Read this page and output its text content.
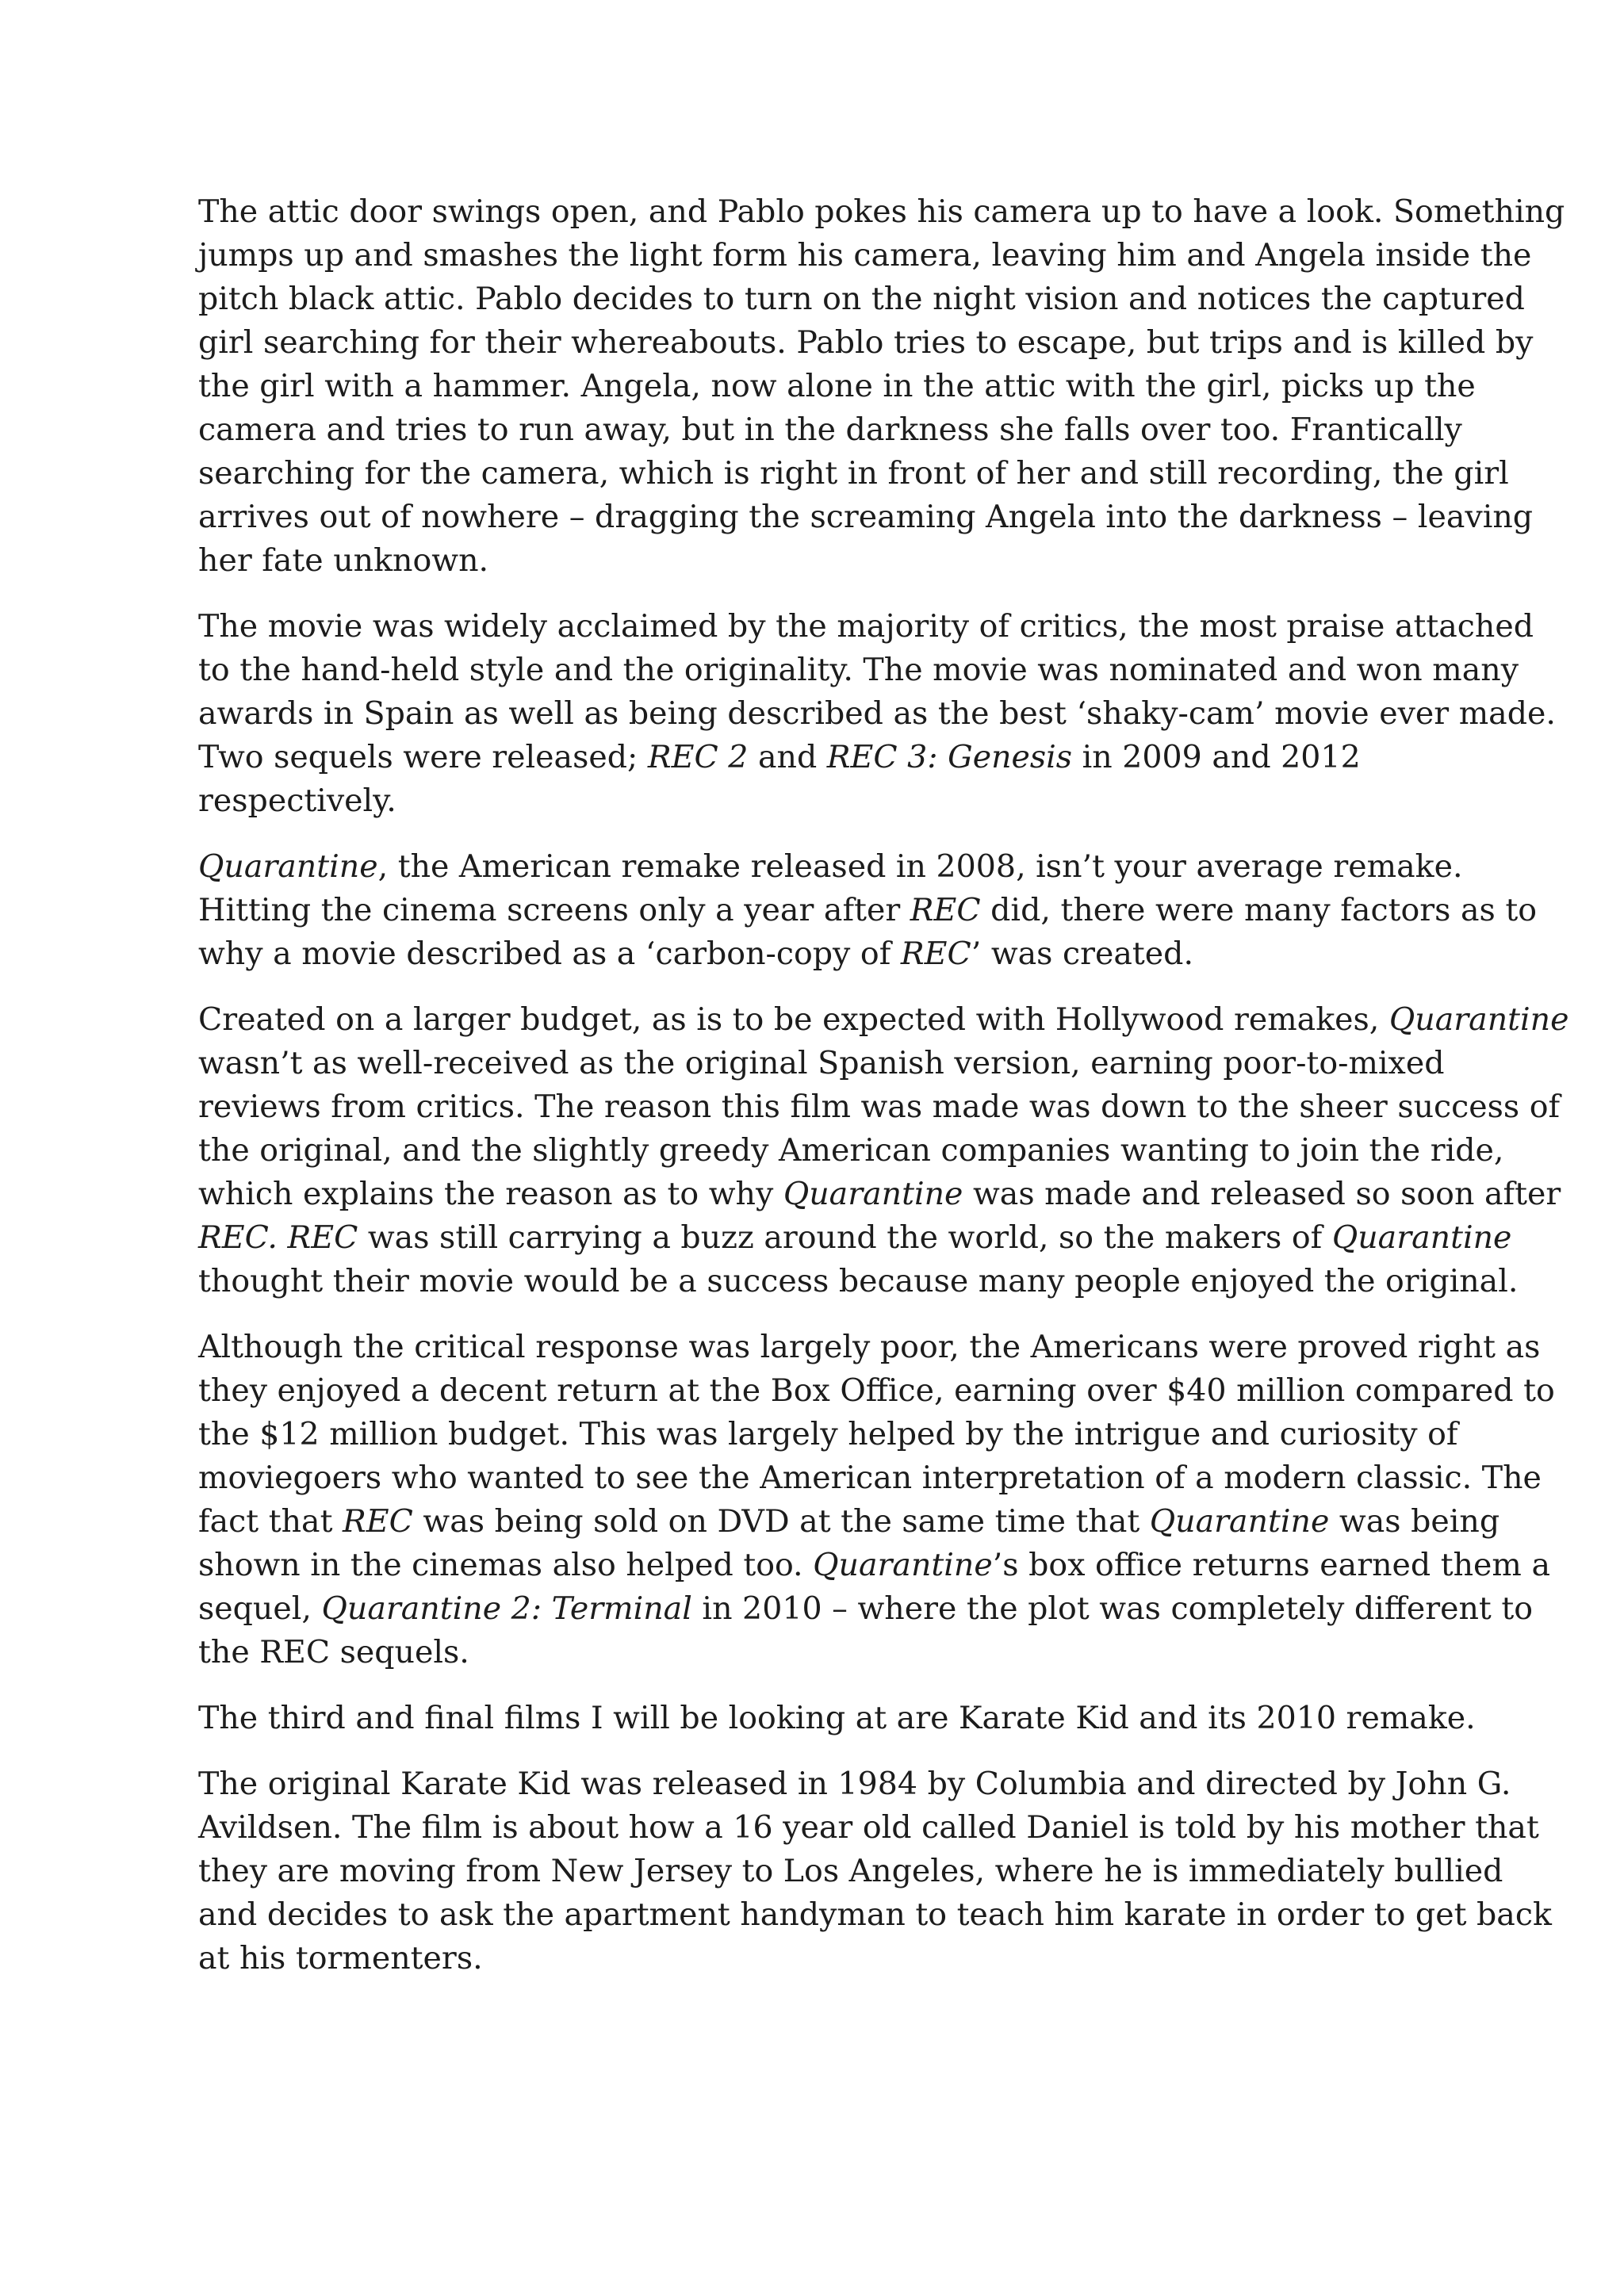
The attic door swings open, and Pablo pokes his camera up to have a look. Something
jumps up and smashes the light form his camera, leaving him and Angela inside the
pitch black attic. Pablo decides to turn on the night vision and notices the captured
girl searching for their whereabouts. Pablo tries to escape, but trips and is killed by
the girl with a hammer. Angela, now alone in the attic with the girl, picks up the
camera and tries to run away, but in the darkness she falls over too. Frantically
searching for the camera, which is right in front of her and still recording, the girl
arrives out of nowhere – dragging the screaming Angela into the darkness – leaving
her fate unknown.

The movie was widely acclaimed by the majority of critics, the most praise attached
to the hand-held style and the originality. The movie was nominated and won many
awards in Spain as well as being described as the best ‘shaky-cam’ movie ever made.
Two sequels were released; REC 2 and REC 3: Genesis in 2009 and 2012
respectively.

Quarantine, the American remake released in 2008, isn’t your average remake.
Hitting the cinema screens only a year after REC did, there were many factors as to
why a movie described as a ‘carbon-copy of REC’ was created.

Created on a larger budget, as is to be expected with Hollywood remakes, Quarantine
wasn’t as well-received as the original Spanish version, earning poor-to-mixed
reviews from critics. The reason this film was made was down to the sheer success of
the original, and the slightly greedy American companies wanting to join the ride,
which explains the reason as to why Quarantine was made and released so soon after
REC. REC was still carrying a buzz around the world, so the makers of Quarantine
thought their movie would be a success because many people enjoyed the original.

Although the critical response was largely poor, the Americans were proved right as
they enjoyed a decent return at the Box Office, earning over $40 million compared to
the $12 million budget. This was largely helped by the intrigue and curiosity of
moviegoers who wanted to see the American interpretation of a modern classic. The
fact that REC was being sold on DVD at the same time that Quarantine was being
shown in the cinemas also helped too. Quarantine’s box office returns earned them a
sequel, Quarantine 2: Terminal in 2010 – where the plot was completely different to
the REC sequels.

The third and final films I will be looking at are Karate Kid and its 2010 remake.

The original Karate Kid was released in 1984 by Columbia and directed by John G.
Avildsen. The film is about how a 16 year old called Daniel is told by his mother that
they are moving from New Jersey to Los Angeles, where he is immediately bullied
and decides to ask the apartment handyman to teach him karate in order to get back
at his tormenters.
